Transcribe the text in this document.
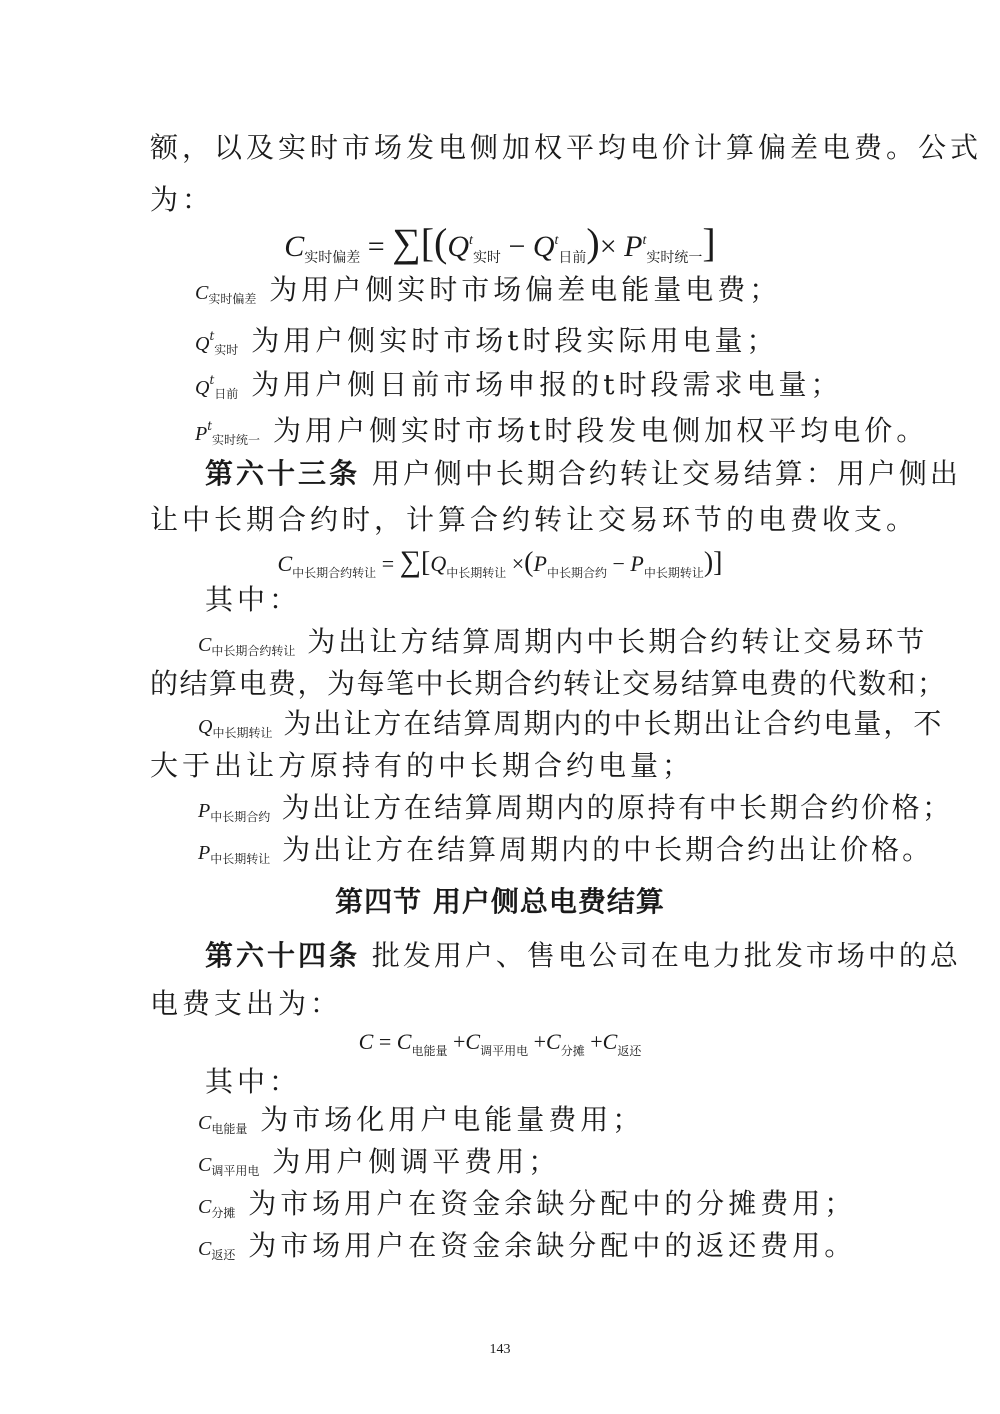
额，以及实时市场发电侧加权平均电价计算偏差电费。公式
为：
$C_{实时偏差} = \sum[(Q^t_{实时} - Q^t_{日前})\times P^t_{实时统一}]$
C实时偏差 为用户侧实时市场偏差电能量电费；
$Q^t$实时 为用户侧实时市场t时段实际用电量；
$Q^t$日前 为用户侧日前市场申报的t时段需求电量；
$P^t$实时统一 为用户侧实时市场t时段发电侧加权平均电价。
第六十三条 用户侧中长期合约转让交易结算：用户侧出
让中长期合约时，计算合约转让交易环节的电费收支。
$C_{中长期合约转让} = \sum[Q_{中长期转让} \times(P_{中长期合约} - P_{中长期转让})]$
其中：
C中长期合约转让 为出让方结算周期内中长期合约转让交易环节
的结算电费，为每笔中长期合约转让交易结算电费的代数和；
Q中长期转让 为出让方在结算周期内的中长期出让合约电量，不
大于出让方原持有的中长期合约电量；
P中长期合约 为出让方在结算周期内的原持有中长期合约价格；
P中长期转让 为出让方在结算周期内的中长期合约出让价格。
第四节 用户侧总电费结算
第六十四条 批发用户、售电公司在电力批发市场中的总
电费支出为：
$C = C_{电能量} +C_{调平用电} +C_{分摊} +C_{返还}$
其中：
C电能量 为市场化用户电能量费用；
C调平用电 为用户侧调平费用；
C分摊 为市场用户在资金余缺分配中的分摊费用；
C返还 为市场用户在资金余缺分配中的返还费用。
143
